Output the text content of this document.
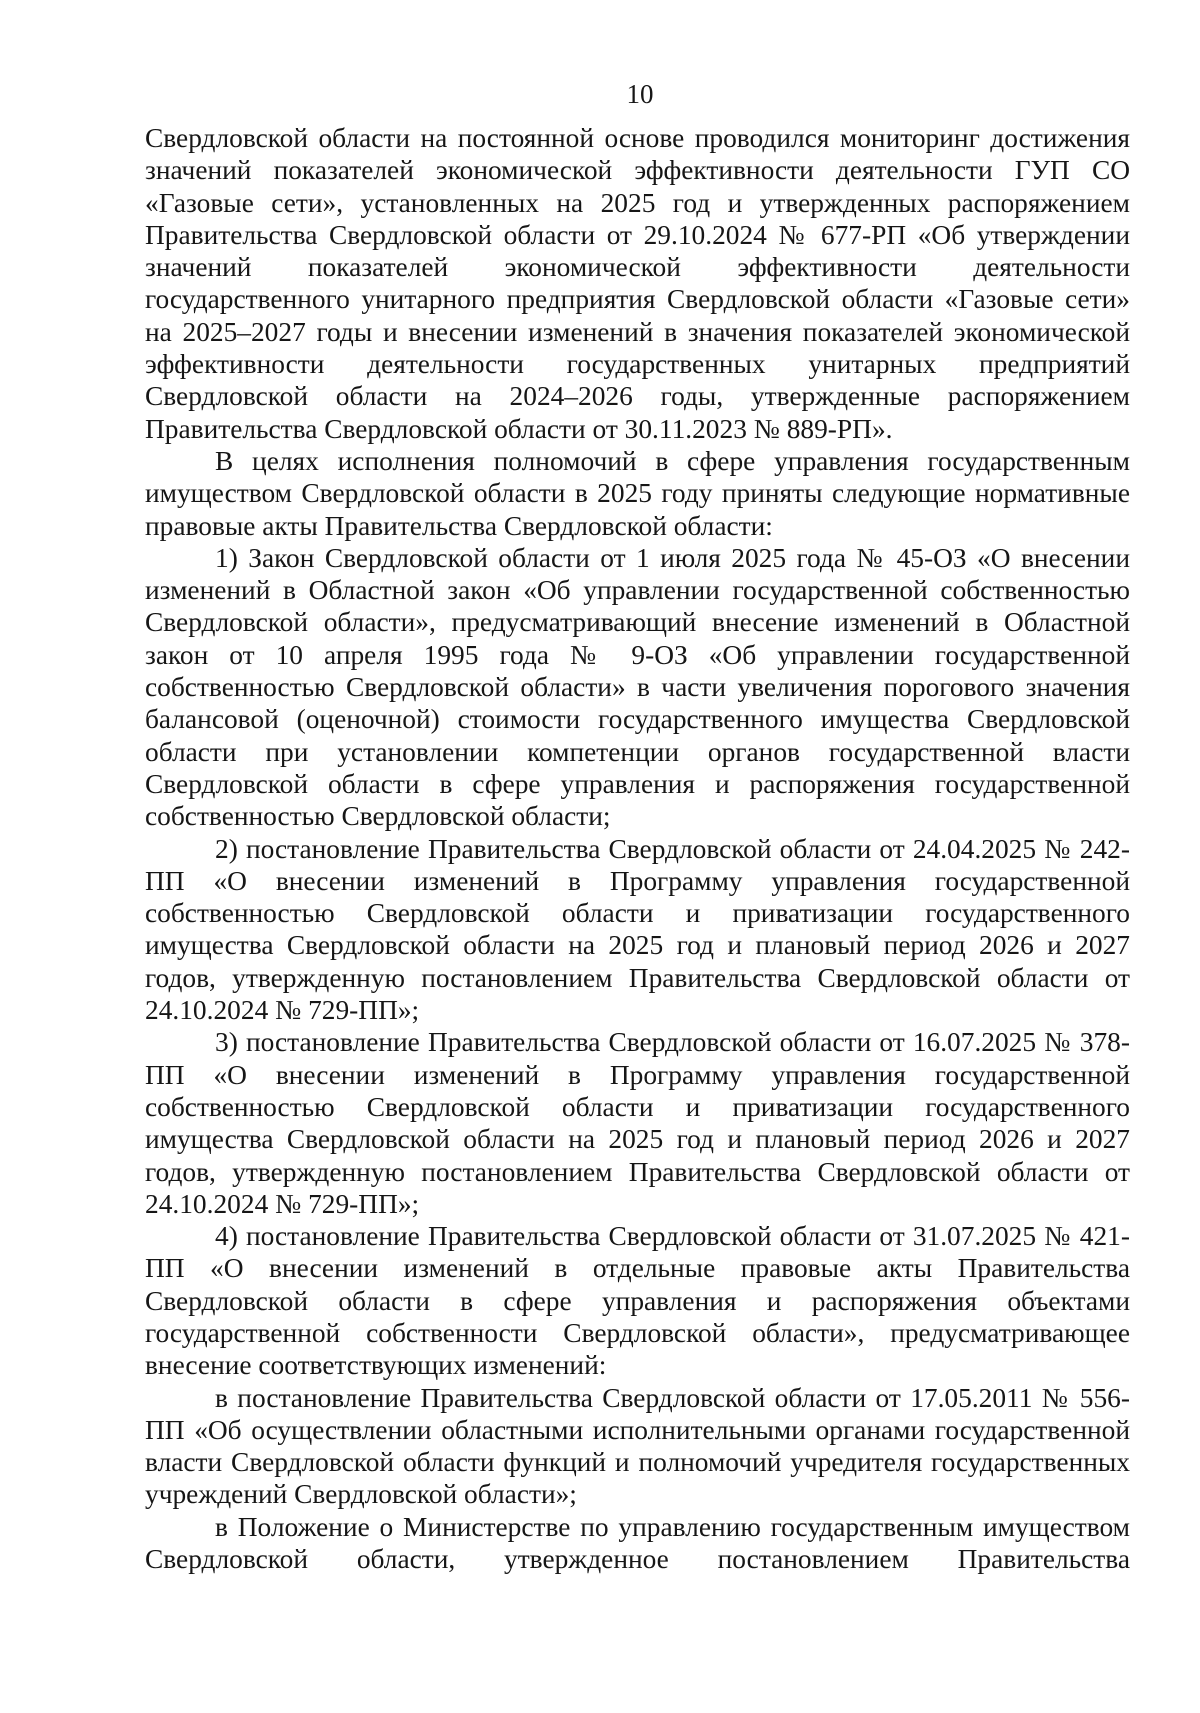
10

Свердловской области на постоянной основе проводился мониторинг достижения значений показателей экономической эффективности деятельности ГУП СО «Газовые сети», установленных на 2025 год и утвержденных распоряжением Правительства Свердловской области от 29.10.2024 № 677-РП «Об утверждении значений показателей экономической эффективности деятельности государственного унитарного предприятия Свердловской области «Газовые сети» на 2025–2027 годы и внесении изменений в значения показателей экономической эффективности деятельности государственных унитарных предприятий Свердловской области на 2024–2026 годы, утвержденные распоряжением Правительства Свердловской области от 30.11.2023 № 889-РП».

В целях исполнения полномочий в сфере управления государственным имуществом Свердловской области в 2025 году приняты следующие нормативные правовые акты Правительства Свердловской области:

1) Закон Свердловской области от 1 июля 2025 года № 45-ОЗ «О внесении изменений в Областной закон «Об управлении государственной собственностью Свердловской области», предусматривающий внесение изменений в Областной закон от 10 апреля 1995 года № 9-ОЗ «Об управлении государственной собственностью Свердловской области» в части увеличения порогового значения балансовой (оценочной) стоимости государственного имущества Свердловской области при установлении компетенции органов государственной власти Свердловской области в сфере управления и распоряжения государственной собственностью Свердловской области;

2) постановление Правительства Свердловской области от 24.04.2025 № 242-ПП «О внесении изменений в Программу управления государственной собственностью Свердловской области и приватизации государственного имущества Свердловской области на 2025 год и плановый период 2026 и 2027 годов, утвержденную постановлением Правительства Свердловской области от 24.10.2024 № 729-ПП»;

3) постановление Правительства Свердловской области от 16.07.2025 № 378-ПП «О внесении изменений в Программу управления государственной собственностью Свердловской области и приватизации государственного имущества Свердловской области на 2025 год и плановый период 2026 и 2027 годов, утвержденную постановлением Правительства Свердловской области от 24.10.2024 № 729-ПП»;

4) постановление Правительства Свердловской области от 31.07.2025 № 421-ПП «О внесении изменений в отдельные правовые акты Правительства Свердловской области в сфере управления и распоряжения объектами государственной собственности Свердловской области», предусматривающее внесение соответствующих изменений:

в постановление Правительства Свердловской области от 17.05.2011 № 556-ПП «Об осуществлении областными исполнительными органами государственной власти Свердловской области функций и полномочий учредителя государственных учреждений Свердловской области»;

в Положение о Министерстве по управлению государственным имуществом Свердловской области, утвержденное постановлением Правительства
